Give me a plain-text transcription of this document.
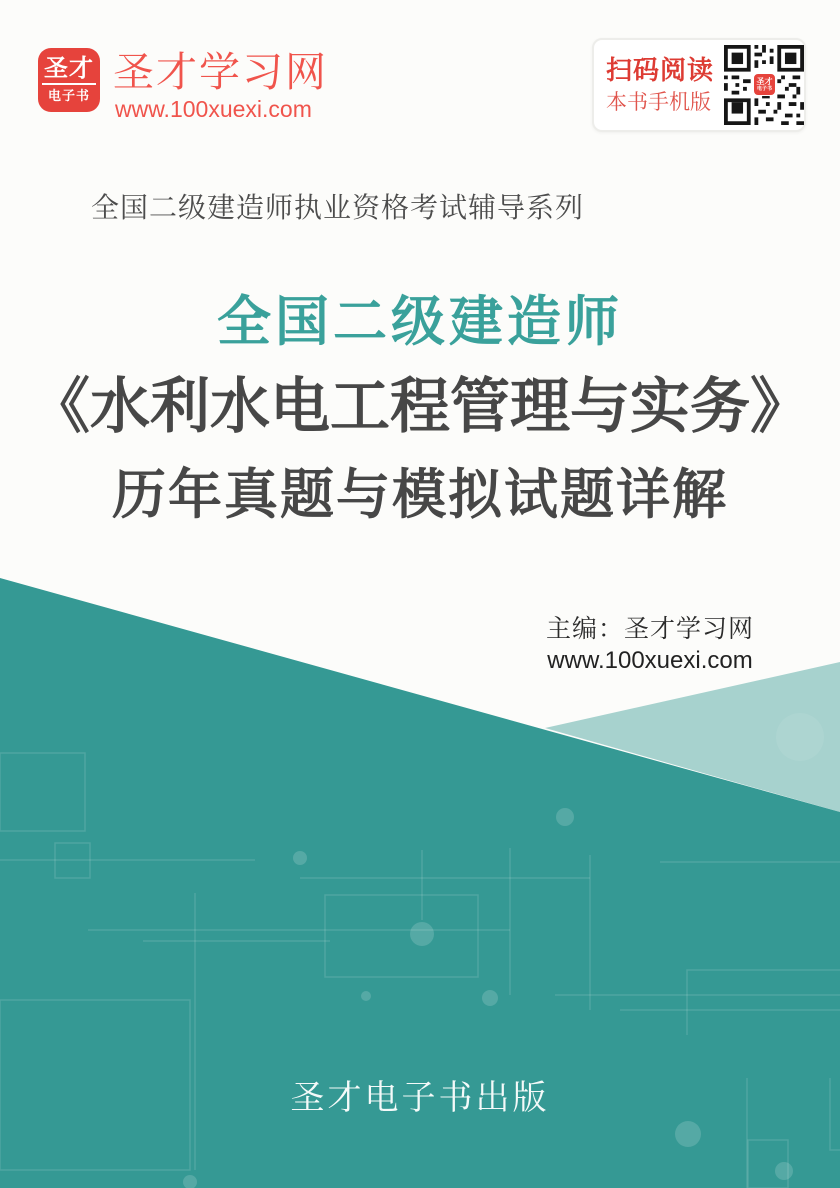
圣才
电子书
圣才学习网
www.100xuexi.com
扫码阅读
本书手机版
圣才
电子书
全国二级建造师执业资格考试辅导系列
全国二级建造师
《水利水电工程管理与实务》
历年真题与模拟试题详解
主编：圣才学习网
www.100xuexi.com
圣才电子书出版
